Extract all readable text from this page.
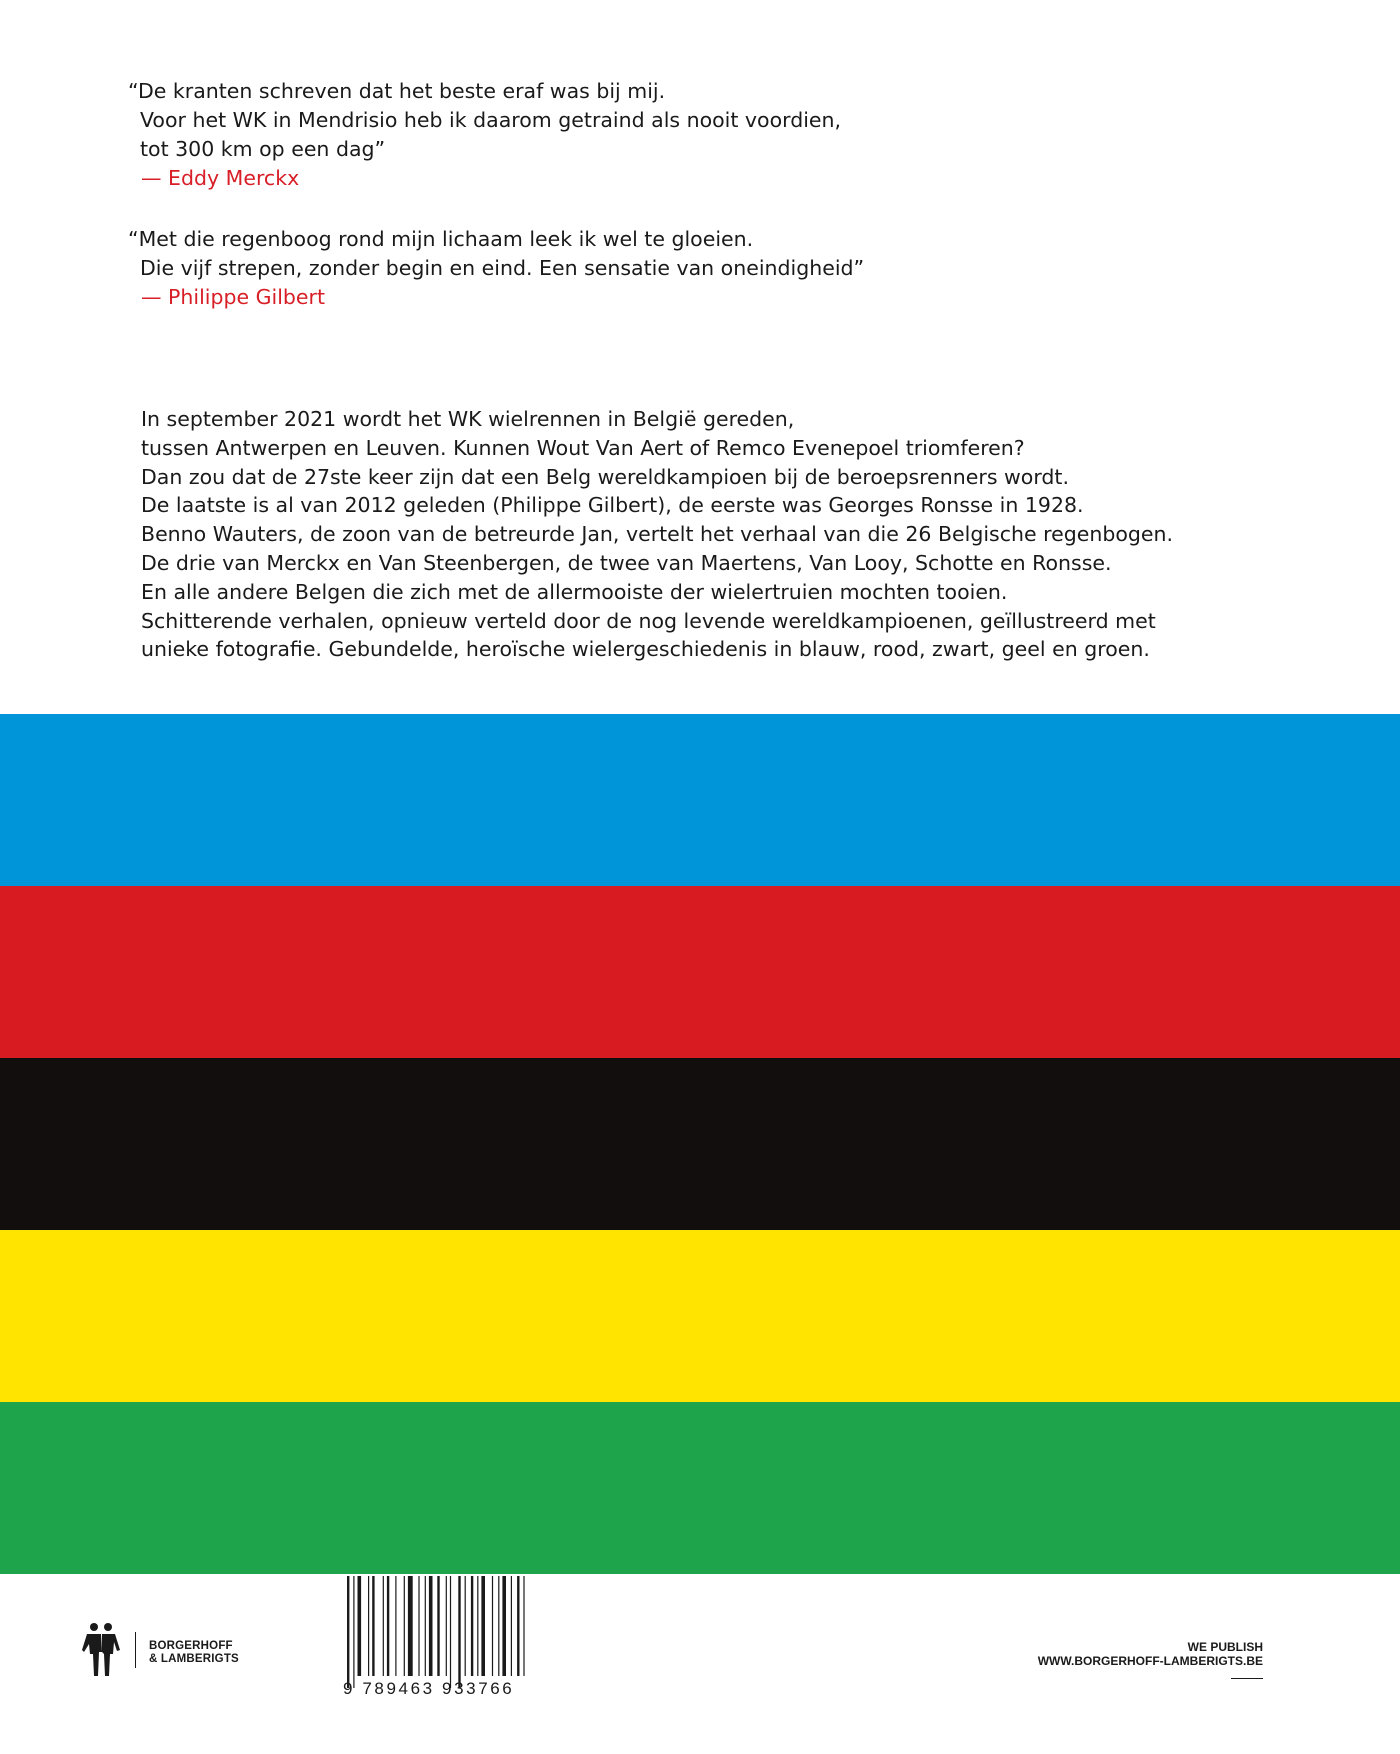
“De kranten schreven dat het beste eraf was bij mij.
Voor het WK in Mendrisio heb ik daarom getraind als nooit voordien,
tot 300 km op een dag”
— Eddy Merckx
“Met die regenboog rond mijn lichaam leek ik wel te gloeien.
Die vijf strepen, zonder begin en eind. Een sensatie van oneindigheid”
— Philippe Gilbert
In september 2021 wordt het WK wielrennen in België gereden,
tussen Antwerpen en Leuven. Kunnen Wout Van Aert of Remco Evenepoel triomferen?
Dan zou dat de 27ste keer zijn dat een Belg wereldkampioen bij de beroepsrenners wordt.
De laatste is al van 2012 geleden (Philippe Gilbert), de eerste was Georges Ronsse in 1928.
Benno Wauters, de zoon van de betreurde Jan, vertelt het verhaal van die 26 Belgische regenbogen.
De drie van Merckx en Van Steenbergen, de twee van Maertens, Van Looy, Schotte en Ronsse.
En alle andere Belgen die zich met de allermooiste der wielertruien mochten tooien.
Schitterende verhalen, opnieuw verteld door de nog levende wereldkampioenen, geïllustreerd met
unieke fotografie. Gebundelde, heroïsche wielergeschiedenis in blauw, rood, zwart, geel en groen.
BORGERHOFF
& LAMBERIGTS
9 789463 933766
WE PUBLISH
WWW.BORGERHOFF-LAMBERIGTS.BE
